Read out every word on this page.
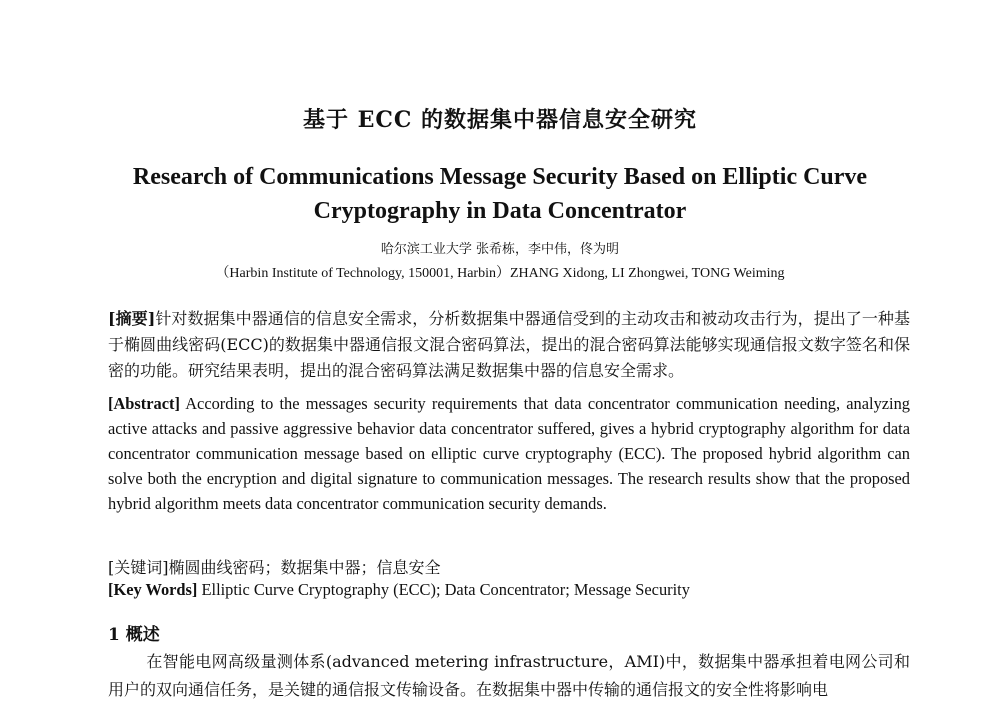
基于 ECC 的数据集中器信息安全研究
Research of Communications Message Security Based on Elliptic Curve
Cryptography in Data Concentrator
哈尔滨工业大学 张希栋，李中伟，佟为明
（Harbin Institute of Technology, 150001, Harbin）ZHANG Xidong, LI Zhongwei, TONG Weiming
[摘要]针对数据集中器通信的信息安全需求，分析数据集中器通信受到的主动攻击和被动攻击行为，提出了一种基于椭圆曲线密码(ECC)的数据集中器通信报文混合密码算法，提出的混合密码算法能够实现通信报文数字签名和保密的功能。研究结果表明，提出的混合密码算法满足数据集中器的信息安全需求。
[Abstract] According to the messages security requirements that data concentrator communication needing, analyzing active attacks and passive aggressive behavior data concentrator suffered, gives a hybrid cryptography algorithm for data concentrator communication message based on elliptic curve cryptography (ECC). The proposed hybrid algorithm can solve both the encryption and digital signature to communication messages. The research results show that the proposed hybrid algorithm meets data concentrator communication security demands.
[关键词]椭圆曲线密码；数据集中器；信息安全
[Key Words] Elliptic Curve Cryptography (ECC); Data Concentrator; Message Security
1 概述
在智能电网高级量测体系(advanced metering infrastructure，AMI)中，数据集中器承担着电网公司和用户的双向通信任务，是关键的通信报文传输设备。在数据集中器中传输的通信报文的安全性将影响电
